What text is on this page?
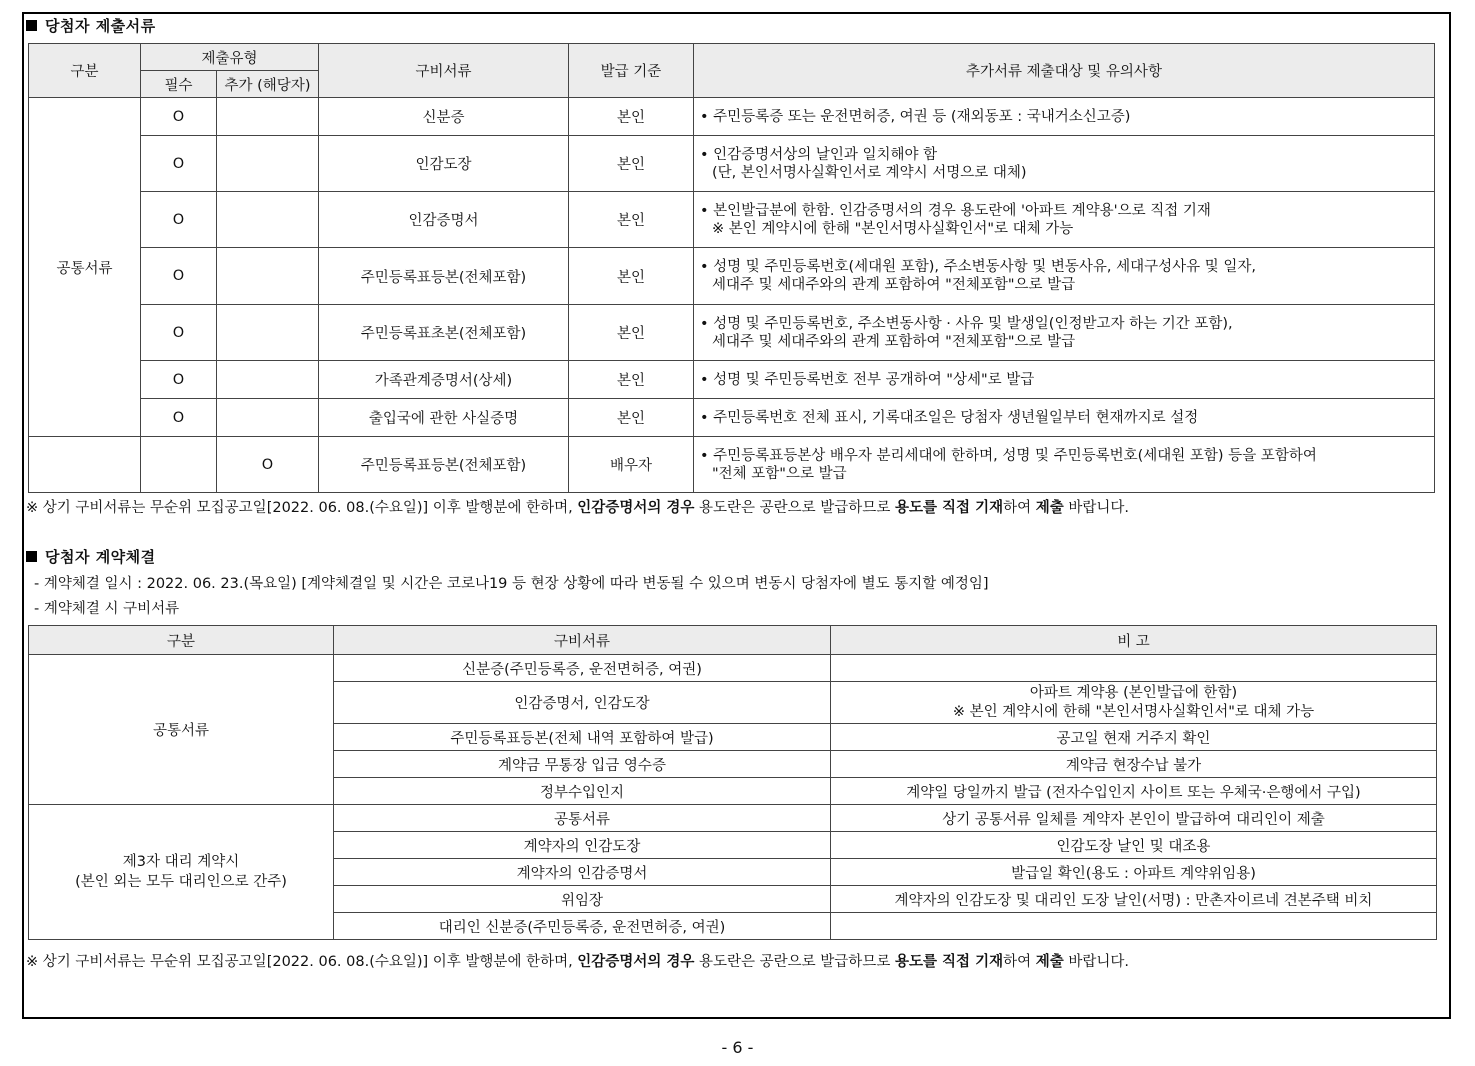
당첨자 제출서류
구분	제출유형		구비서류	발급 기준	추가서류 제출대상 및 유의사항
	필수	추가 (해당자)			
공통서류	O		신분증	본인	• 주민등록증 또는 운전면허증, 여권 등 (재외동포 : 국내거소신고증)

	O		인감도장	본인	• 인감증명서상의 날인과 일치해야 함
(단, 본인서명사실확인서로 계약시 서명으로 대체)

	O		인감증명서	본인	• 본인발급분에 한함. 인감증명서의 경우 용도란에 '아파트 계약용'으로 직접 기재
※ 본인 계약시에 한해 "본인서명사실확인서"로 대체 가능

	O		주민등록표등본(전체포함)	본인	• 성명 및 주민등록번호(세대원 포함), 주소변동사항 및 변동사유, 세대구성사유 및 일자,
세대주 및 세대주와의 관계 포함하여 "전체포함"으로 발급

	O		주민등록표초본(전체포함)	본인	• 성명 및 주민등록번호, 주소변동사항 · 사유 및 발생일(인정받고자 하는 기간 포함),
세대주 및 세대주와의 관계 포함하여 "전체포함"으로 발급

	O		가족관계증명서(상세)	본인	• 성명 및 주민등록번호 전부 공개하여 "상세"로 발급

	O		출입국에 관한 사실증명	본인	• 주민등록번호 전체 표시, 기록대조일은 당첨자 생년월일부터 현재까지로 설정

		O	주민등록표등본(전체포함)	배우자	• 주민등록표등본상 배우자 분리세대에 한하며, 성명 및 주민등록번호(세대원 포함) 등을 포함하여
"전체 포함"으로 발급
※ 상기 구비서류는 무순위 모집공고일[2022. 06. 08.(수요일)] 이후 발행분에 한하며, 인감증명서의 경우 용도란은 공란으로 발급하므로 용도를 직접 기재하여 제출 바랍니다.
당첨자 계약체결
- 계약체결 일시 : 2022. 06. 23.(목요일) [계약체결일 및 시간은 코로나19 등 현장 상황에 따라 변동될 수 있으며 변동시 당첨자에 별도 통지할 예정임]
- 계약체결 시 구비서류
구분	구비서류	비 고
공통서류	신분증(주민등록증, 운전면허증, 여권)	
	인감증명서, 인감도장	아파트 계약용 (본인발급에 한함)
※ 본인 계약시에 한해 "본인서명사실확인서"로 대체 가능

	주민등록표등본(전체 내역 포함하여 발급)	공고일 현재 거주지 확인
	계약금 무통장 입금 영수증	계약금 현장수납 불가
	정부수입인지	계약일 당일까지 발급 (전자수입인지 사이트 또는 우체국·은행에서 구입)

제3자 대리 계약시
(본인 외는 모두 대리인으로 간주)	공통서류	상기 공통서류 일체를 계약자 본인이 발급하여 대리인이 제출
	계약자의 인감도장	인감도장 날인 및 대조용
	계약자의 인감증명서	발급일 확인(용도 : 아파트 계약위임용)
	위임장	계약자의 인감도장 및 대리인 도장 날인(서명) : 만촌자이르네 견본주택 비치
	대리인 신분증(주민등록증, 운전면허증, 여권)	
※ 상기 구비서류는 무순위 모집공고일[2022. 06. 08.(수요일)] 이후 발행분에 한하며, 인감증명서의 경우 용도란은 공란으로 발급하므로 용도를 직접 기재하여 제출 바랍니다.
- 6 -
